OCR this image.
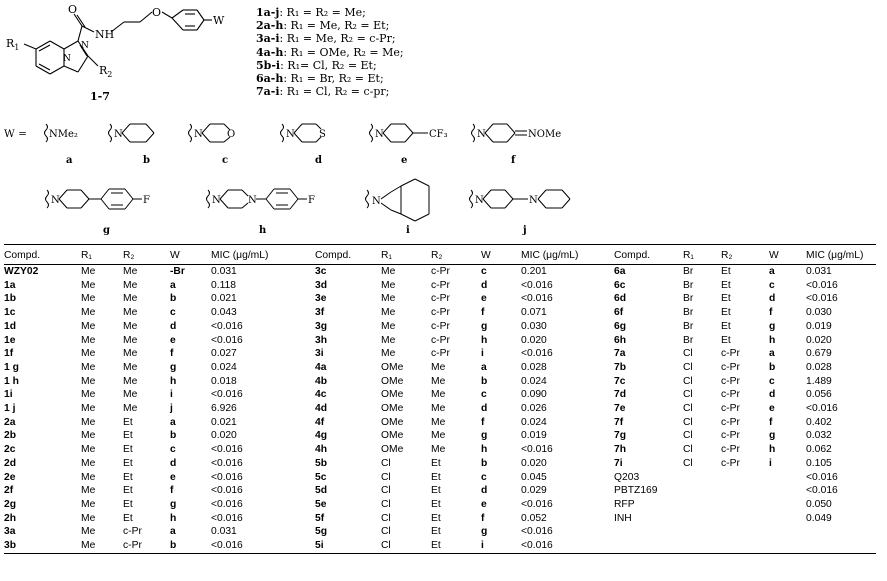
$R_1$
$R_2$
N
N
O
NH
O
W
1-7
W = NMe₂	N	N O	N S	N	CF₃	N	NOMe
N	F	N	N	F	N	N	N
a	b	c	d	e	f
g	h	i	j
1a-j: R₁ = R₂ = Me;
2a-h: R₁ = Me, R₂ = Et;
3a-i: R₁ = Me, R₂ = c-Pr;
4a-h: R₁ = OMe, R₂ = Me;
5b-i: R₁= Cl, R₂ = Et;
6a-h: R₁ = Br, R₂ = Et;
7a-i: R₁ = Cl, R₂ = c-pr;
Compd.	R₁	R₂	W	MIC (μg/mL)	Compd.	R₁	R₂	W	MIC (μg/mL)	Compd.	R₁	R₂	W	MIC (μg/mL)
WZY02	Me	Me	-Br	0.031	3c	Me	c-Pr	c	0.201	6a	Br	Et	a	0.031
1a	Me	Me	a	0.118	3d	Me	c-Pr	d	<0.016	6c	Br	Et	c	<0.016
1b	Me	Me	b	0.021	3e	Me	c-Pr	e	<0.016	6d	Br	Et	d	<0.016
1c	Me	Me	c	0.043	3f	Me	c-Pr	f	0.071	6f	Br	Et	f	0.030
1d	Me	Me	d	<0.016	3g	Me	c-Pr	g	0.030	6g	Br	Et	g	0.019
1e	Me	Me	e	<0.016	3h	Me	c-Pr	h	0.020	6h	Br	Et	h	0.020
1f	Me	Me	f	0.027	3i	Me	c-Pr	i	<0.016	7a	Cl	c-Pr	a	0.679
1 g	Me	Me	g	0.024	4a	OMe	Me	a	0.028	7b	Cl	c-Pr	b	0.028
1 h	Me	Me	h	0.018	4b	OMe	Me	b	0.024	7c	Cl	c-Pr	c	1.489
1i	Me	Me	i	<0.016	4c	OMe	Me	c	0.090	7d	Cl	c-Pr	d	0.056
1 j	Me	Me	j	6.926	4d	OMe	Me	d	0.026	7e	Cl	c-Pr	e	<0.016
2a	Me	Et	a	0.021	4f	OMe	Me	f	0.024	7f	Cl	c-Pr	f	0.402
2b	Me	Et	b	0.020	4g	OMe	Me	g	0.019	7g	Cl	c-Pr	g	0.032
2c	Me	Et	c	<0.016	4h	OMe	Me	h	<0.016	7h	Cl	c-Pr	h	0.062
2d	Me	Et	d	<0.016	5b	Cl	Et	b	0.020	7i	Cl	c-Pr	i	0.105
2e	Me	Et	e	<0.016	5c	Cl	Et	c	0.045	Q203				<0.016
2f	Me	Et	f	<0.016	5d	Cl	Et	d	0.029	PBTZ169				<0.016
2g	Me	Et	g	<0.016	5e	Cl	Et	e	<0.016	RFP				0.050
2h	Me	Et	h	<0.016	5f	Cl	Et	f	0.052	INH				0.049
3a	Me	c-Pr	a	0.031	5g	Cl	Et	g	<0.016					
3b	Me	c-Pr	b	<0.016	5i	Cl	Et	i	<0.016					
